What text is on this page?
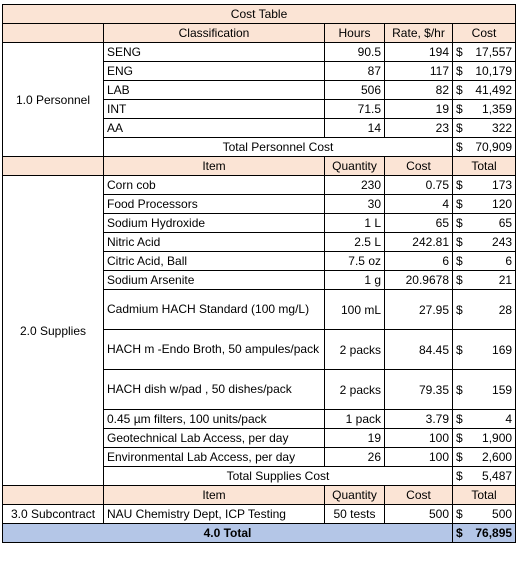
Cost Table				
	Classification	Hours	Rate, $/hr	Cost
1.0 Personnel	SENG	90.5	194	$ 17,557

	ENG	87	117	$ 10,179

	LAB	506	82	$ 41,492

	INT	71.5	19	$ 1,359

	AA	14	23	$ 322

	Total Personnel Cost			$ 70,909

	Item	Quantity	Cost	Total
2.0 Supplies	Corn cob	230	0.75	$ 173

	Food Processors	30	4	$ 120

	Sodium Hydroxide	1 L	65	$ 65

	Nitric Acid	2.5 L	242.81	$ 243

	Citric Acid, Ball	7.5 oz	6	$ 6

	Sodium Arsenite	1 g	20.9678	$ 21

	Cadmium HACH Standard (100 mg/L)	100 mL	27.95	$ 28

	HACH m -Endo Broth, 50 ampules/pack	2 packs	84.45	$ 169

	HACH dish w/pad , 50 dishes/pack	2 packs	79.35	$ 159

	0.45 µm filters, 100 units/pack	1 pack	3.79	$ 4

	Geotechnical Lab Access, per day	19	100	$ 1,900

	Environmental Lab Access, per day	26	100	$ 2,600

	Total Supplies Cost			$ 5,487

	Item	Quantity	Cost	Total
3.0 Subcontract	NAU Chemistry Dept, ICP Testing	50 tests	500	$ 500

4.0 Total				$ 76,895
